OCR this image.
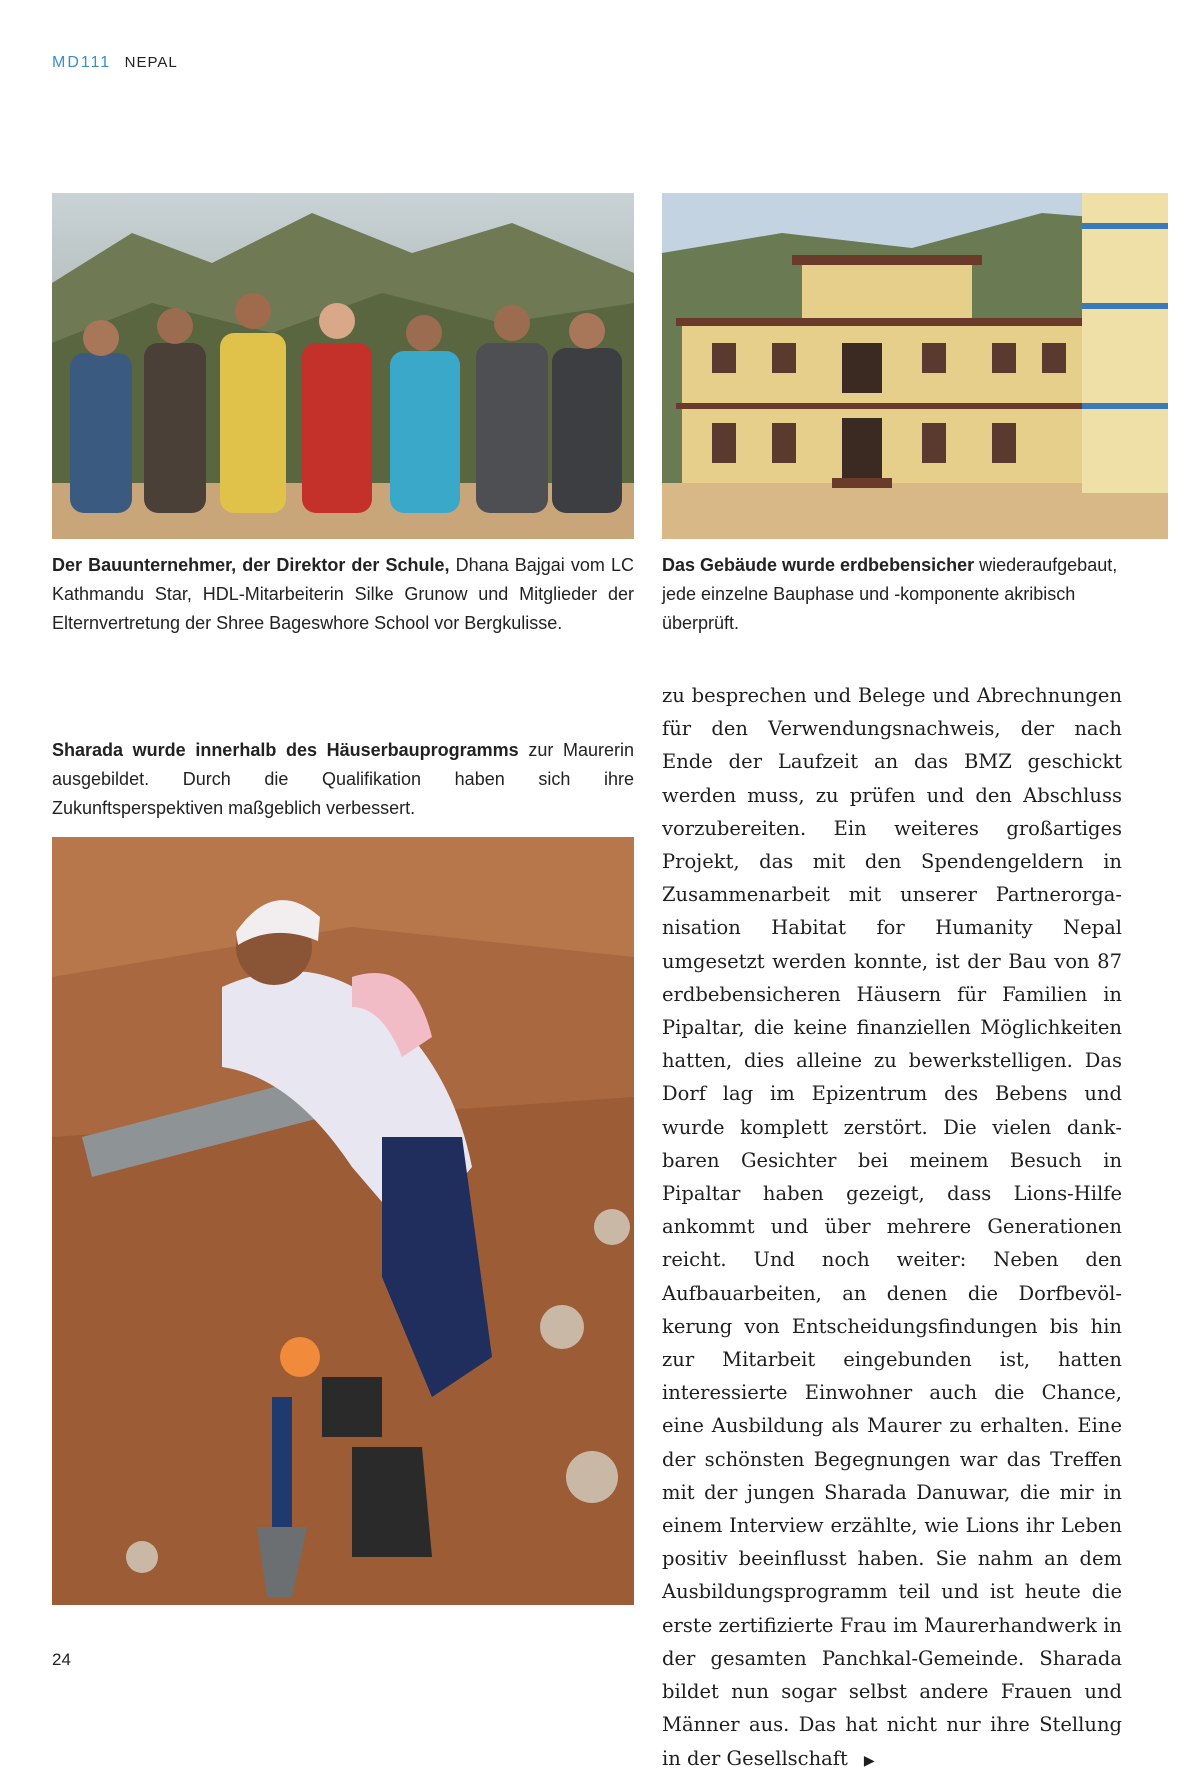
MD111 NEPAL
Der Bauunternehmer, der Direktor der Schule, Dhana Bajgai vom LC Kathmandu Star, HDL-Mitarbeiterin Silke Grunow und Mitglieder der Elternvertretung der Shree Bageswhore School vor Bergkulisse.
Das Gebäude wurde erdbebensicher wiederaufgebaut, jede einzelne Bauphase und -komponente akribisch überprüft.
Sharada wurde innerhalb des Häuserbauprogramms zur Maurerin ausgebildet. Durch die Qualifikation haben sich ihre Zukunftsperspektiven maßgeblich verbessert.
zu besprechen und Belege und Abrechnungen für den Verwendungsnachweis, der nach Ende der Laufzeit an das BMZ geschickt werden muss, zu prüfen und den Abschluss vorzubereiten. Ein weiteres großartiges Projekt, das mit den Spendengeldern in Zusammenarbeit mit unserer Partnerorganisation Habitat for Humanity Nepal umgesetzt werden konnte, ist der Bau von 87 erdbebensicheren Häusern für Familien in Pipaltar, die keine finanziellen Möglichkeiten hatten, dies alleine zu bewerkstelligen. Das Dorf lag im Epizentrum des Bebens und wurde komplett zerstört. Die vielen dankbaren Gesichter bei meinem Besuch in Pipaltar haben gezeigt, dass Lions-Hilfe ankommt und über mehrere Generationen reicht. Und noch weiter: Neben den Aufbauarbeiten, an denen die Dorfbevölkerung von Entscheidungsfindungen bis hin zur Mitarbeit eingebunden ist, hatten interessierte Einwohner auch die Chance, eine Ausbildung als Maurer zu erhalten. Eine der schönsten Begegnungen war das Treffen mit der jungen Sharada Danuwar, die mir in einem Interview erzählte, wie Lions ihr Leben positiv beeinflusst haben. Sie nahm an dem Ausbildungsprogramm teil und ist heute die erste zertifizierte Frau im Maurerhandwerk in der gesamten Panchkal-Gemeinde. Sharada bildet nun sogar selbst andere Frauen und Männer aus. Das hat nicht nur ihre Stellung in der Gesellschaft ▶
24
